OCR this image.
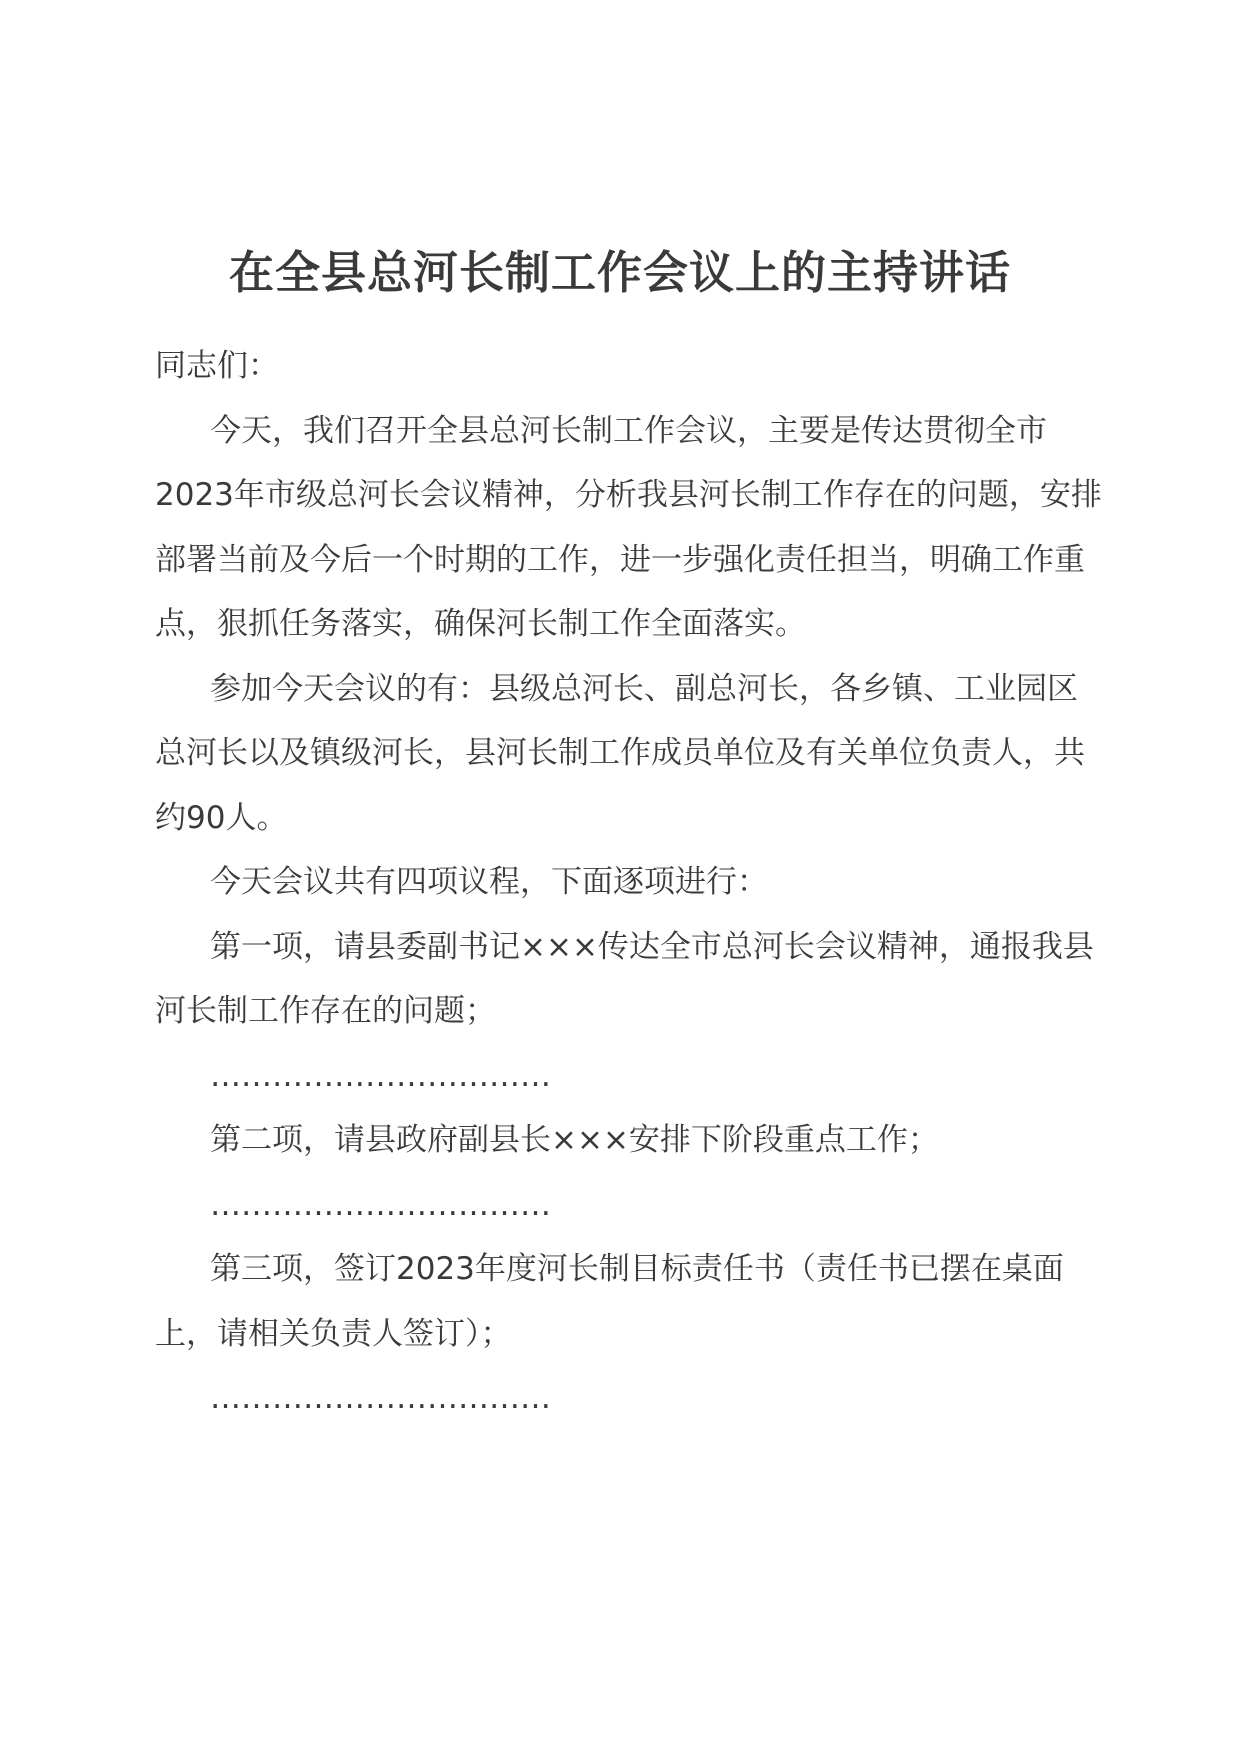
在全县总河长制工作会议上的主持讲话

同志们：

今天，我们召开全县总河长制工作会议，主要是传达贯彻全市2023年市级总河长会议精神，分析我县河长制工作存在的问题，安排部署当前及今后一个时期的工作，进一步强化责任担当，明确工作重点，狠抓任务落实，确保河长制工作全面落实。

参加今天会议的有：县级总河长、副总河长，各乡镇、工业园区总河长以及镇级河长，县河长制工作成员单位及有关单位负责人，共约90人。

今天会议共有四项议程，下面逐项进行：

第一项，请县委副书记×××传达全市总河长会议精神，通报我县河长制工作存在的问题；

……………………………

第二项，请县政府副县长×××安排下阶段重点工作；

……………………………

第三项，签订2023年度河长制目标责任书（责任书已摆在桌面上，请相关负责人签订）；

……………………………
